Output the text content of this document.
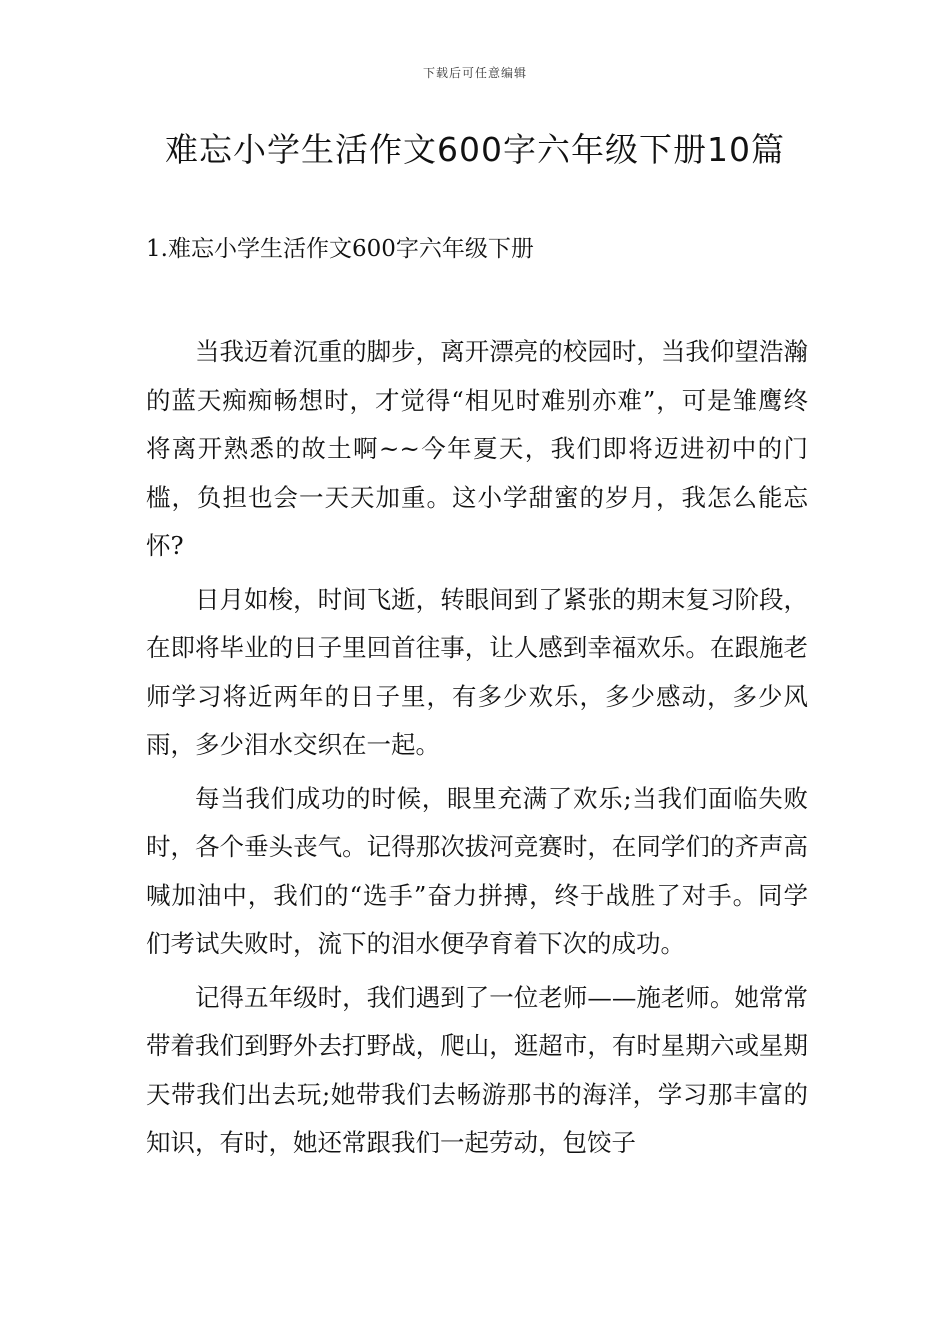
下载后可任意编辑
难忘小学生活作文600字六年级下册10篇
1.难忘小学生活作文600字六年级下册

当我迈着沉重的脚步，离开漂亮的校园时，当我仰望浩瀚的蓝天痴痴畅想时，才觉得“相见时难别亦难”，可是雏鹰终将离开熟悉的故土啊~~今年夏天，我们即将迈进初中的门槛，负担也会一天天加重。这小学甜蜜的岁月，我怎么能忘怀?

日月如梭，时间飞逝，转眼间到了紧张的期末复习阶段，在即将毕业的日子里回首往事，让人感到幸福欢乐。在跟施老师学习将近两年的日子里，有多少欢乐，多少感动，多少风雨，多少泪水交织在一起。

每当我们成功的时候，眼里充满了欢乐;当我们面临失败时，各个垂头丧气。记得那次拔河竞赛时，在同学们的齐声高喊加油中，我们的“选手”奋力拼搏，终于战胜了对手。同学们考试失败时，流下的泪水便孕育着下次的成功。

记得五年级时，我们遇到了一位老师——施老师。她常常带着我们到野外去打野战，爬山，逛超市，有时星期六或星期天带我们出去玩;她带我们去畅游那书的海洋，学习那丰富的知识，有时，她还常跟我们一起劳动，包饺子
